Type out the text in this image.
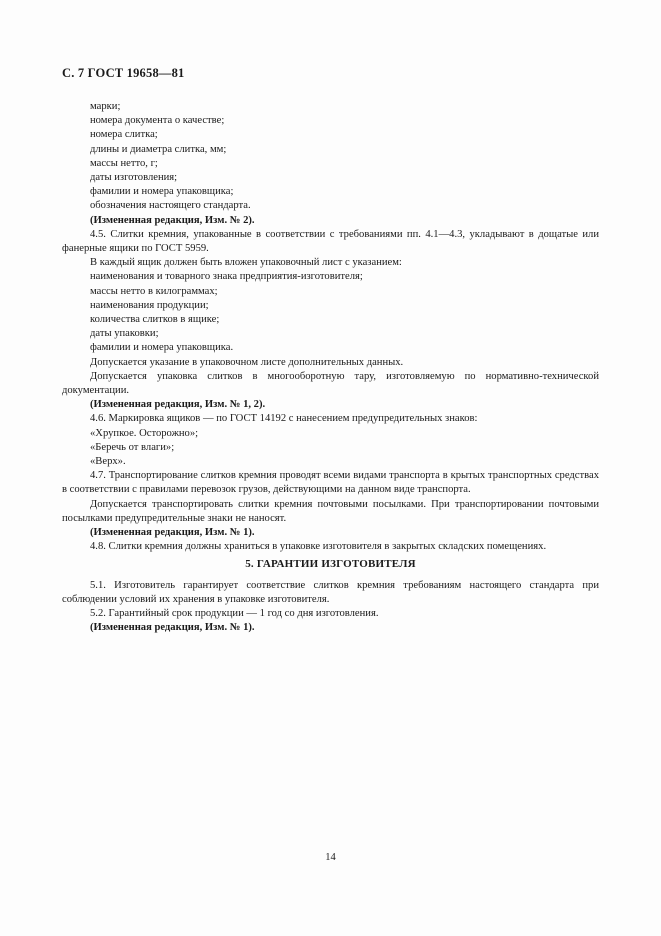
С. 7 ГОСТ 19658—81
марки;
номера документа о качестве;
номера слитка;
длины и диаметра слитка, мм;
массы нетто, г;
даты изготовления;
фамилии и номера упаковщика;
обозначения настоящего стандарта.
(Измененная редакция, Изм. № 2).
4.5. Слитки кремния, упакованные в соответствии с требованиями пп. 4.1—4.3, укладывают в дощатые или фанерные ящики по ГОСТ 5959.
В каждый ящик должен быть вложен упаковочный лист с указанием:
наименования и товарного знака предприятия-изготовителя;
массы нетто в килограммах;
наименования продукции;
количества слитков в ящике;
даты упаковки;
фамилии и номера упаковщика.
Допускается указание в упаковочном листе дополнительных данных.
Допускается упаковка слитков в многооборотную тару, изготовляемую по нормативно-технической документации.
(Измененная редакция, Изм. № 1, 2).
4.6. Маркировка ящиков — по ГОСТ 14192 с нанесением предупредительных знаков:
«Хрупкое. Осторожно»;
«Беречь от влаги»;
«Верх».
4.7. Транспортирование слитков кремния проводят всеми видами транспорта в крытых транспортных средствах в соответствии с правилами перевозок грузов, действующими на данном виде транспорта.
Допускается транспортировать слитки кремния почтовыми посылками. При транспортировании почтовыми посылками предупредительные знаки не наносят.
(Измененная редакция, Изм. № 1).
4.8. Слитки кремния должны храниться в упаковке изготовителя в закрытых складских помещениях.
5. ГАРАНТИИ ИЗГОТОВИТЕЛЯ
5.1. Изготовитель гарантирует соответствие слитков кремния требованиям настоящего стандарта при соблюдении условий их хранения в упаковке изготовителя.
5.2. Гарантийный срок продукции — 1 год со дня изготовления.
(Измененная редакция, Изм. № 1).
14
